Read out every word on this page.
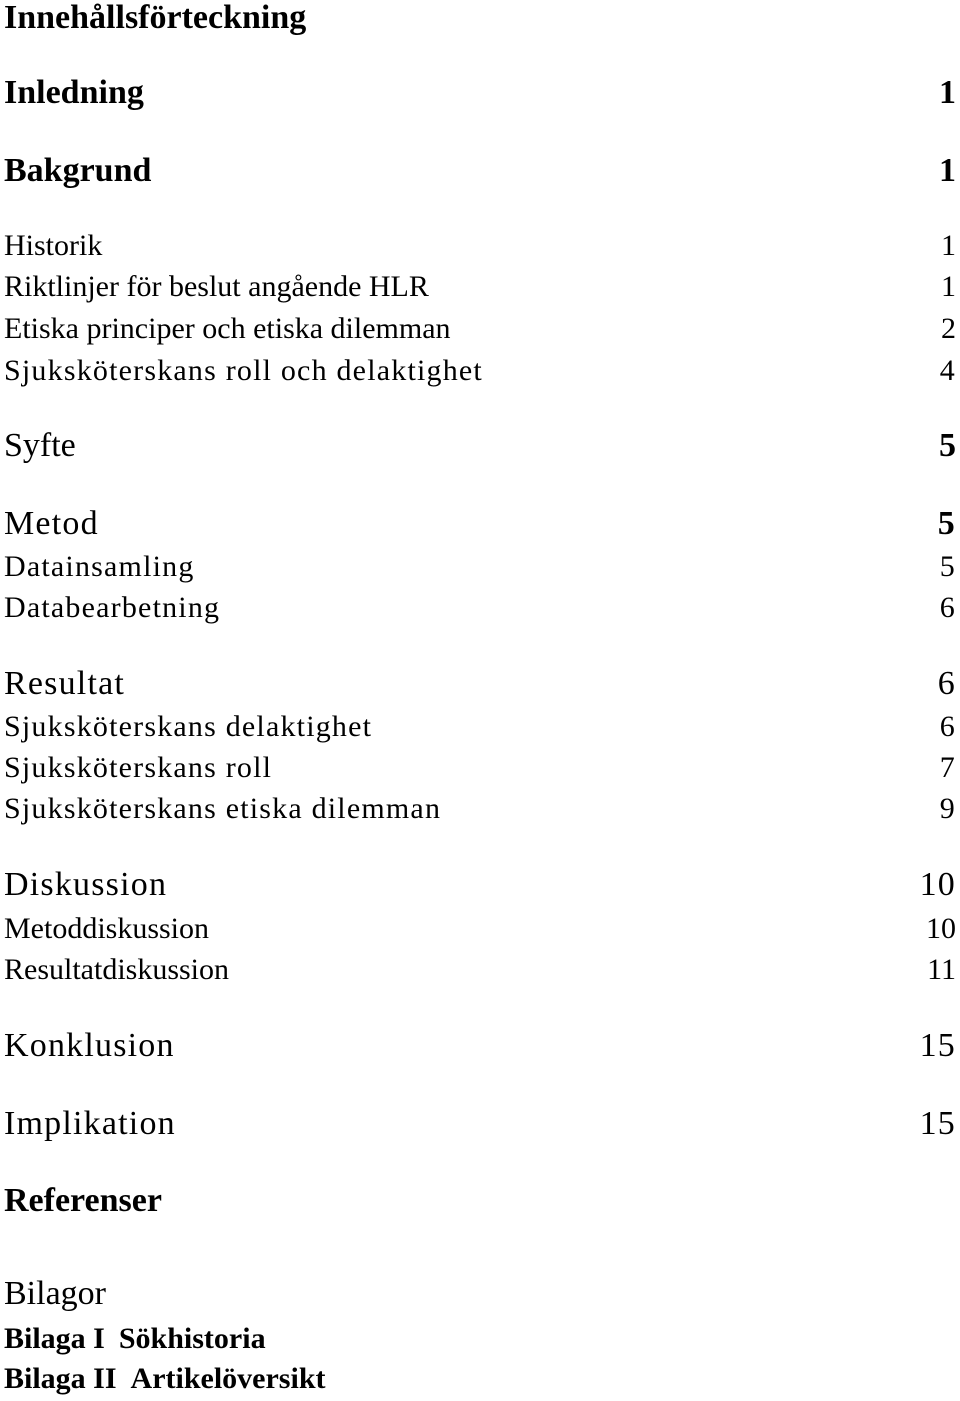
Innehållsförteckning
Inledning	1
Bakgrund	1
Historik	1
Riktlinjer för beslut angående HLR	1
Etiska principer och etiska dilemman	2
Sjuksköterskans roll och delaktighet	4
Syfte	5
Metod	5
Datainsamling	5
Databearbetning	6
Resultat	6
Sjuksköterskans delaktighet	6
Sjuksköterskans roll	7
Sjuksköterskans etiska dilemman	9
Diskussion	10
Metoddiskussion	10
Resultatdiskussion	11
Konklusion	15
Implikation	15
Referenser
Bilagor
Bilaga I Sökhistoria
Bilaga II Artikelöversikt
